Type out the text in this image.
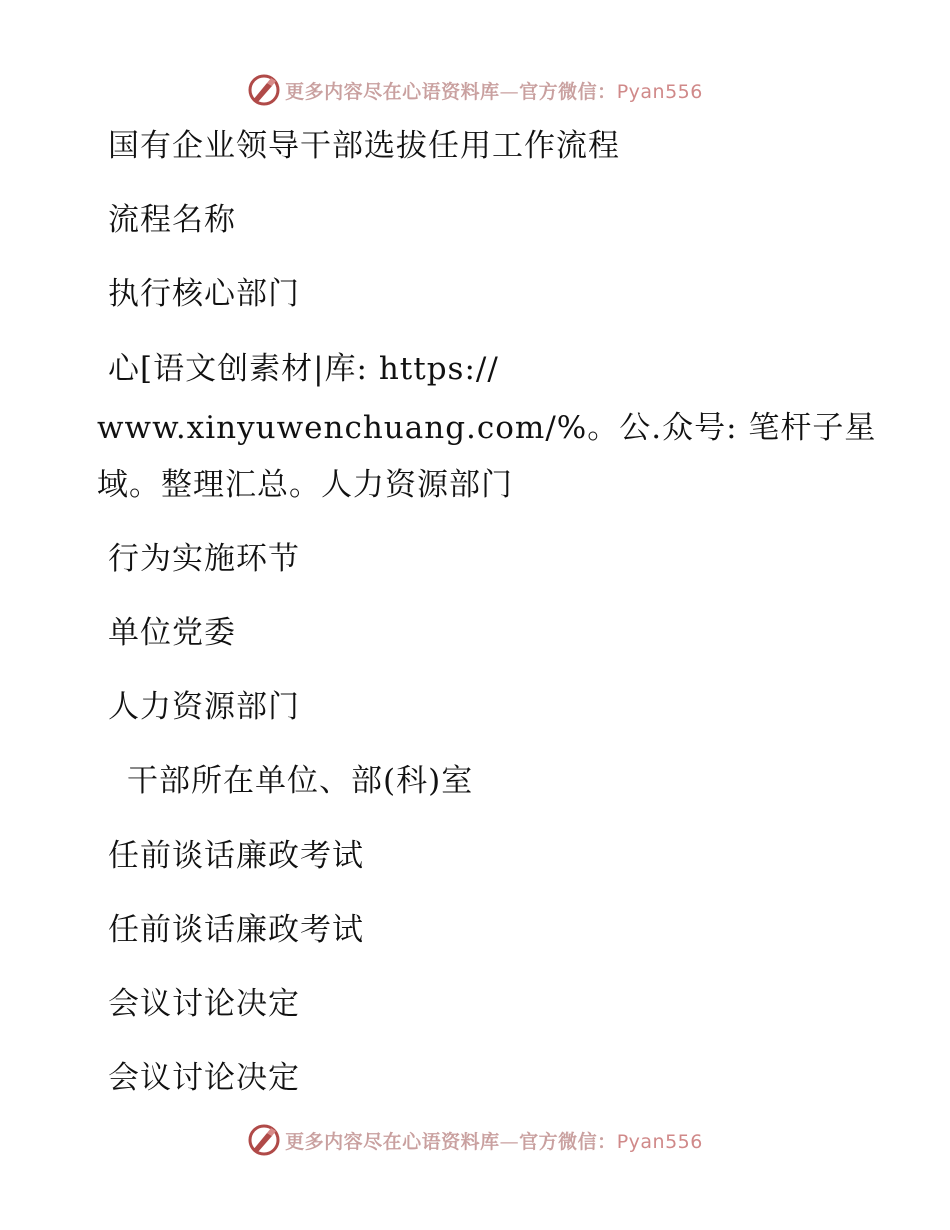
更多内容尽在心语资料库—官方微信：Pyan556
国有企业领导干部选拔任用工作流程
流程名称
执行核心部门
心[语文创素材|库: https://
www.xinyuwenchuang.com/%。公.众号: 笔杆子星
域。整理汇总。人力资源部门
行为实施环节
单位党委
人力资源部门
干部所在单位、部(科)室
任前谈话廉政考试
任前谈话廉政考试
会议讨论决定
会议讨论决定
更多内容尽在心语资料库—官方微信：Pyan556
